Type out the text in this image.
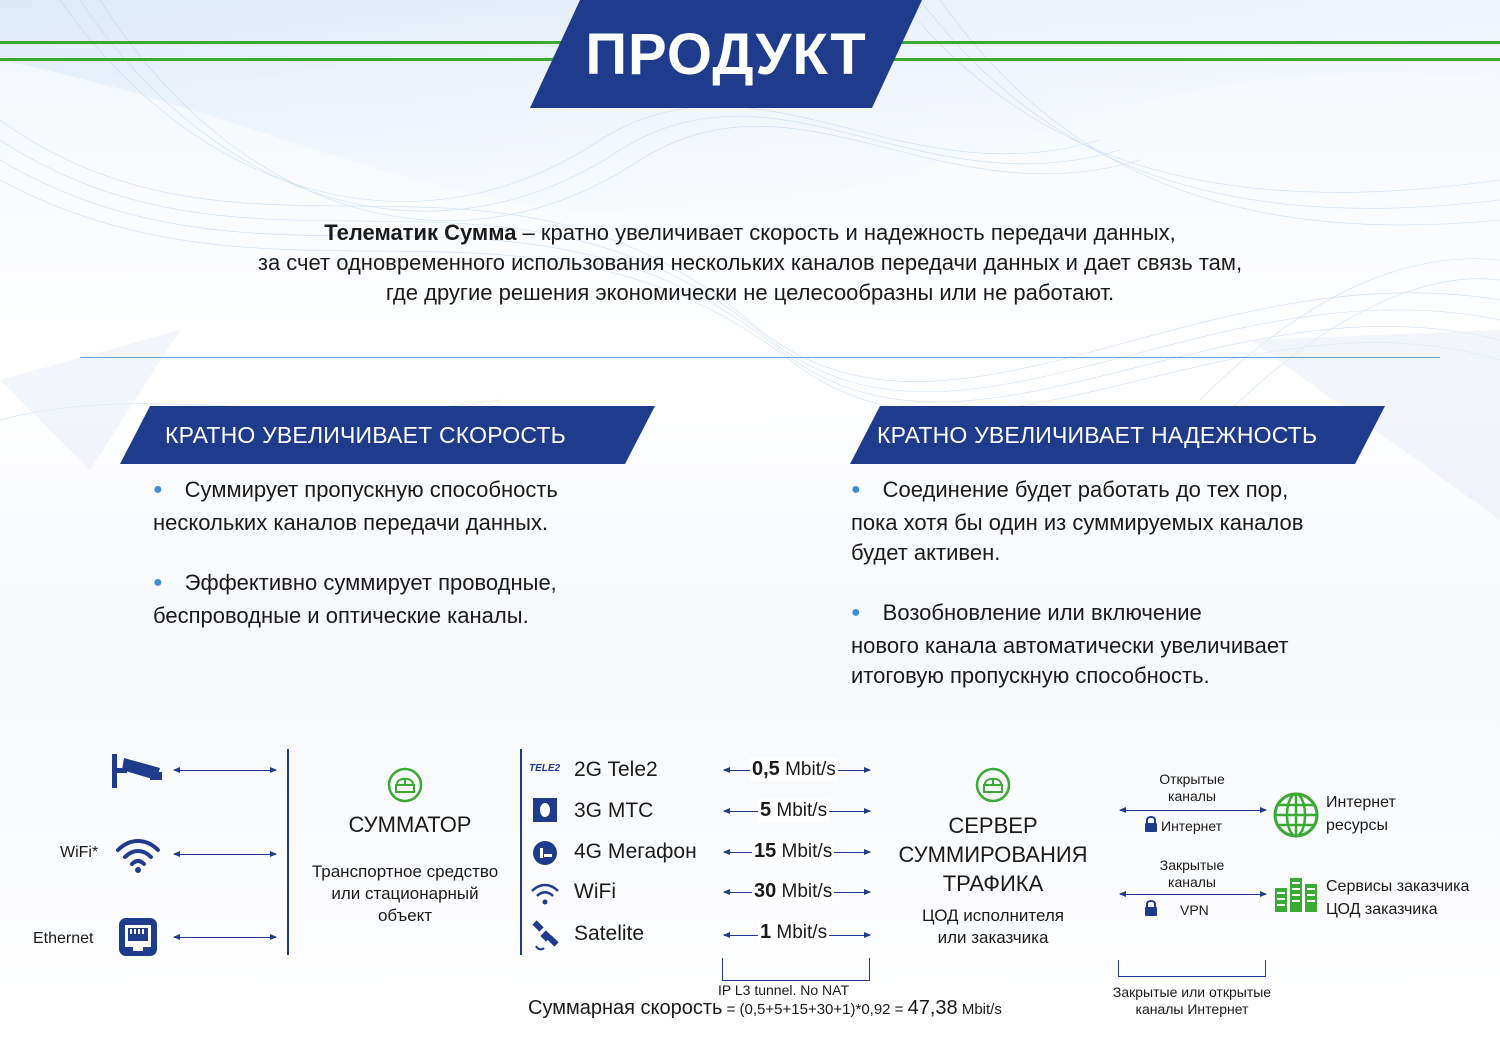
ПРОДУКТ
Телематик Сумма – кратно увеличивает скорость и надежность передачи данных,
за счет одновременного использования нескольких каналов передачи данных и дает связь там,
где другие решения экономически не целесообразны или не работают.
КРАТНО УВЕЛИЧИВАЕТ СКОРОСТЬ	КРАТНО УВЕЛИЧИВАЕТ НАДЕЖНОСТЬ

● Суммирует пропускную способность
нескольких каналов передачи данных.

● Эффективно суммирует проводные,
беспроводные и оптические каналы.

● Соединение будет работать до тех пор,
пока хотя бы один из суммируемых каналов
будет активен.

● Возобновление или включение
нового канала автоматически увеличивает
итоговую пропускную способность.

WiFi*
Ethernet
СУММАТОР
Транспортное средство
или стационарный
объект
TELE2 2G Tele2
3G МТС
4G Мегафон
WiFi
Satelite
0,5 Mbit/s
5 Mbit/s
15 Mbit/s
30 Mbit/s
1 Mbit/s
IP L3 tunnel. No NAT
Суммарная скорость = (0,5+5+15+30+1)*0,92 = 47,38 Mbit/s
СЕРВЕР
СУММИРОВАНИЯ
ТРАФИКА
ЦОД исполнителя
или заказчика
Открытые
каналы
Интернет
Закрытые
каналы
VPN
Закрытые или открытые
каналы Интернет
Интернет
ресурсы
Сервисы заказчика
ЦОД заказчика
